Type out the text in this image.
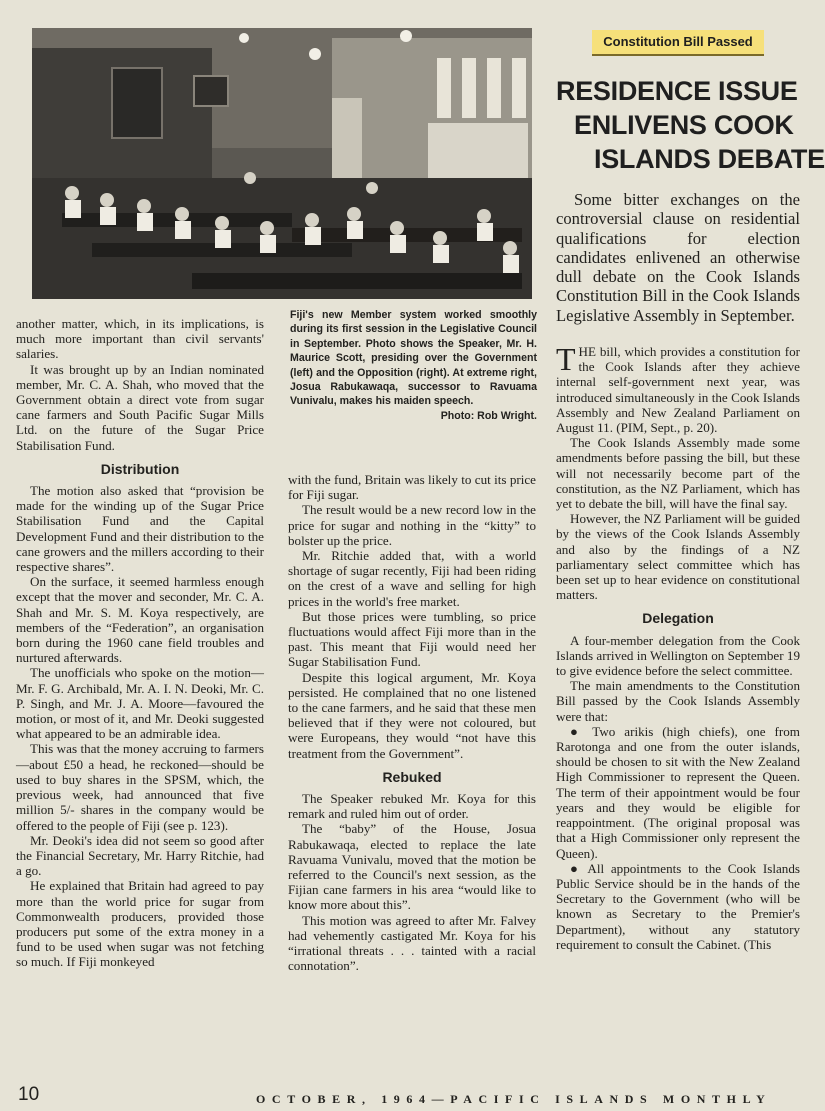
Fiji's new Member system worked smoothly during its first session in the Legislative Council in September. Photo shows the Speaker, Mr. H. Maurice Scott, presiding over the Government (left) and the Opposition (right). At extreme right, Josua Rabukawaqa, successor to Ravuama Vunivalu, makes his maiden speech.
Photo: Rob Wright.
Constitution Bill Passed
RESIDENCE ISSUE
ENLIVENS COOK
ISLANDS DEBATE

Some bitter exchanges on the controversial clause on residential qualifications for election candidates enlivened an otherwise dull debate on the Cook Islands Constitution Bill in the Cook Islands Legislative Assembly in September.

another matter, which, in its implications, is much more important than civil servants' salaries.

It was brought up by an Indian nominated member, Mr. C. A. Shah, who moved that the Government obtain a direct vote from sugar cane farmers and South Pacific Sugar Mills Ltd. on the future of the Sugar Price Stabilisation Fund.

Distribution

The motion also asked that “provision be made for the winding up of the Sugar Price Stabilisation Fund and the Capital Development Fund and their distribution to the cane growers and the millers according to their respective shares”.

On the surface, it seemed harmless enough except that the mover and seconder, Mr. C. A. Shah and Mr. S. M. Koya respectively, are members of the “Federation”, an organisation born during the 1960 cane field troubles and nurtured afterwards.

The unofficials who spoke on the motion—Mr. F. G. Archibald, Mr. A. I. N. Deoki, Mr. C. P. Singh, and Mr. J. A. Moore—favoured the motion, or most of it, and Mr. Deoki suggested what appeared to be an admirable idea.

This was that the money accruing to farmers—about £50 a head, he reckoned—should be used to buy shares in the SPSM, which, the previous week, had announced that five million 5/- shares in the company would be offered to the people of Fiji (see p. 123).

Mr. Deoki's idea did not seem so good after the Financial Secretary, Mr. Harry Ritchie, had a go.

He explained that Britain had agreed to pay more than the world price for sugar from Commonwealth producers, provided those producers put some of the extra money in a fund to be used when sugar was not fetching so much. If Fiji monkeyed

with the fund, Britain was likely to cut its price for Fiji sugar.

The result would be a new record low in the price for sugar and nothing in the “kitty” to bolster up the price.

Mr. Ritchie added that, with a world shortage of sugar recently, Fiji had been riding on the crest of a wave and selling for high prices in the world's free market.

But those prices were tumbling, so price fluctuations would affect Fiji more than in the past. This meant that Fiji would need her Sugar Stabilisation Fund.

Despite this logical argument, Mr. Koya persisted. He complained that no one listened to the cane farmers, and he said that these men believed that if they were not coloured, but were Europeans, they would “not have this treatment from the Government”.

Rebuked

The Speaker rebuked Mr. Koya for this remark and ruled him out of order.

The “baby” of the House, Josua Rabukawaqa, elected to replace the late Ravuama Vunivalu, moved that the motion be referred to the Council's next session, as the Fijian cane farmers in his area “would like to know more about this”.

This motion was agreed to after Mr. Falvey had vehemently castigated Mr. Koya for his “irrational threats . . . tainted with a racial connotation”.

THE bill, which provides a constitution for the Cook Islands after they achieve internal self-government next year, was introduced simultaneously in the Cook Islands Assembly and New Zealand Parliament on August 11. (PIM, Sept., p. 20).

The Cook Islands Assembly made some amendments before passing the bill, but these will not necessarily become part of the constitution, as the NZ Parliament, which has yet to debate the bill, will have the final say.

However, the NZ Parliament will be guided by the views of the Cook Islands Assembly and also by the findings of a NZ parliamentary select committee which has been set up to hear evidence on constitutional matters.

Delegation

A four-member delegation from the Cook Islands arrived in Wellington on September 19 to give evidence before the select committee.

The main amendments to the Constitution Bill passed by the Cook Islands Assembly were that:

● Two arikis (high chiefs), one from Rarotonga and one from the outer islands, should be chosen to sit with the New Zealand High Commissioner to represent the Queen. The term of their appointment would be four years and they would be eligible for reappointment. (The original proposal was that a High Commissioner only represent the Queen).

● All appointments to the Cook Islands Public Service should be in the hands of the Secretary to the Government (who will be known as Secretary to the Premier's Department), without any statutory requirement to consult the Cabinet. (This

10	OCTOBER, 1964—PACIFIC ISLANDS MONTHLY
